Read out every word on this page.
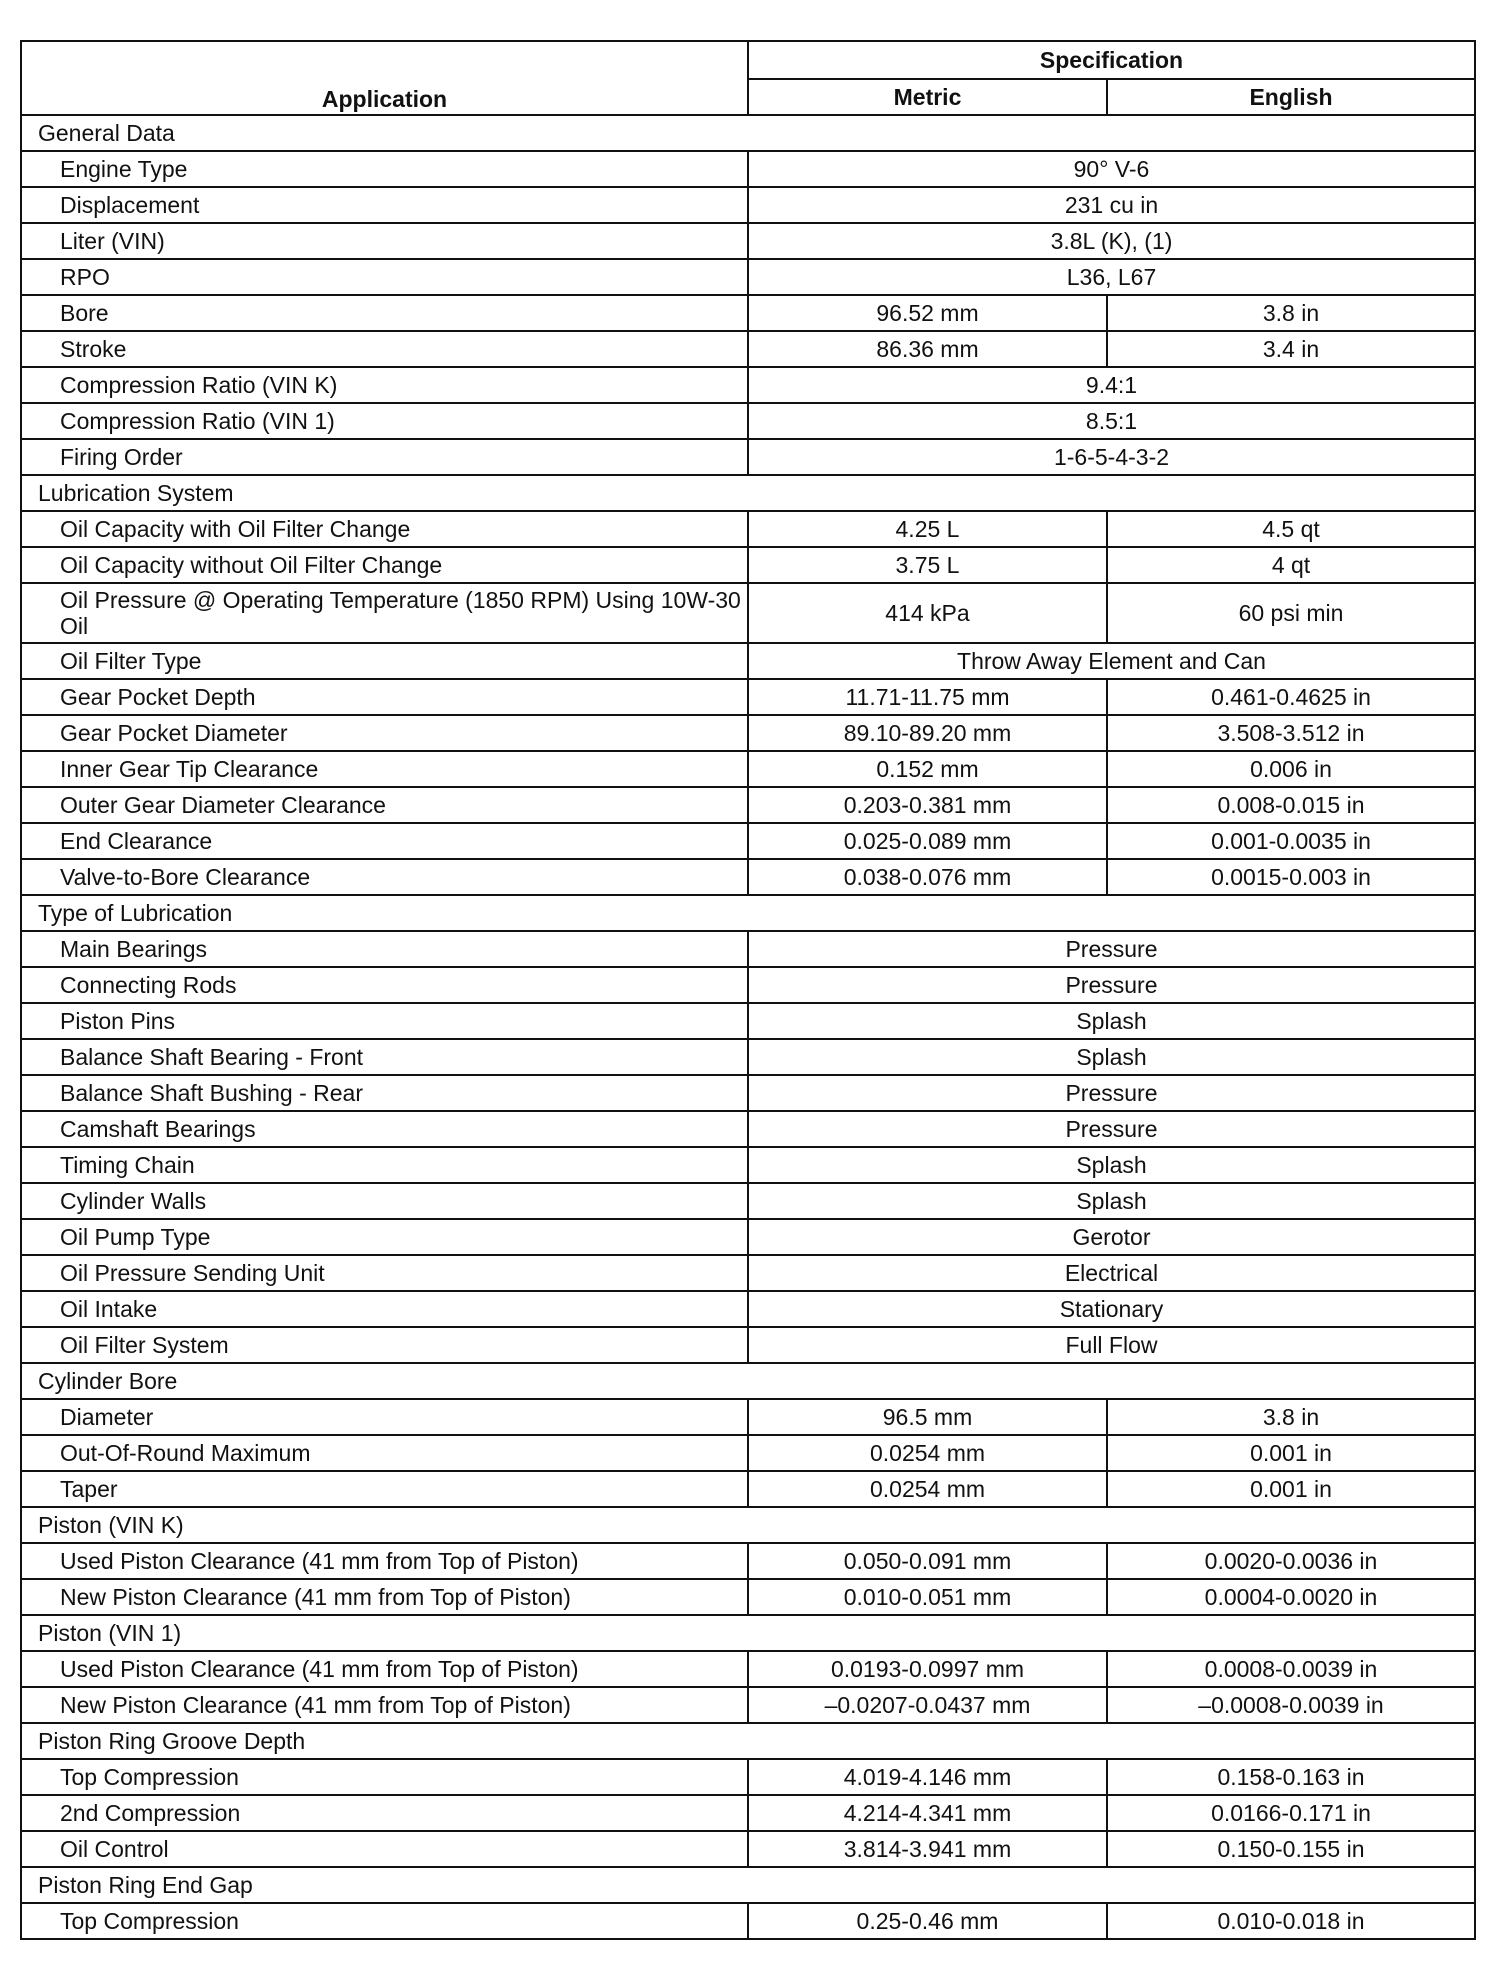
Application	Specification	
	Metric	English
General Data		
Engine Type	90° V-6	
Displacement	231 cu in	
Liter (VIN)	3.8L (K), (1)	
RPO	L36, L67	
Bore	96.52 mm	3.8 in
Stroke	86.36 mm	3.4 in
Compression Ratio (VIN K)	9.4:1	
Compression Ratio (VIN 1)	8.5:1	
Firing Order	1-6-5-4-3-2	
Lubrication System		
Oil Capacity with Oil Filter Change	4.25 L	4.5 qt
Oil Capacity without Oil Filter Change	3.75 L	4 qt
Oil Pressure @ Operating Temperature (1850 RPM) Using 10W-30 Oil	414 kPa	60 psi min
Oil Filter Type	Throw Away Element and Can	
Gear Pocket Depth	11.71-11.75 mm	0.461-0.4625 in
Gear Pocket Diameter	89.10-89.20 mm	3.508-3.512 in
Inner Gear Tip Clearance	0.152 mm	0.006 in
Outer Gear Diameter Clearance	0.203-0.381 mm	0.008-0.015 in
End Clearance	0.025-0.089 mm	0.001-0.0035 in
Valve-to-Bore Clearance	0.038-0.076 mm	0.0015-0.003 in
Type of Lubrication		
Main Bearings	Pressure	
Connecting Rods	Pressure	
Piston Pins	Splash	
Balance Shaft Bearing - Front	Splash	
Balance Shaft Bushing - Rear	Pressure	
Camshaft Bearings	Pressure	
Timing Chain	Splash	
Cylinder Walls	Splash	
Oil Pump Type	Gerotor	
Oil Pressure Sending Unit	Electrical	
Oil Intake	Stationary	
Oil Filter System	Full Flow	
Cylinder Bore		
Diameter	96.5 mm	3.8 in
Out-Of-Round Maximum	0.0254 mm	0.001 in
Taper	0.0254 mm	0.001 in
Piston (VIN K)		
Used Piston Clearance (41 mm from Top of Piston)	0.050-0.091 mm	0.0020-0.0036 in
New Piston Clearance (41 mm from Top of Piston)	0.010-0.051 mm	0.0004-0.0020 in
Piston (VIN 1)		
Used Piston Clearance (41 mm from Top of Piston)	0.0193-0.0997 mm	0.0008-0.0039 in
New Piston Clearance (41 mm from Top of Piston)	–0.0207-0.0437 mm	–0.0008-0.0039 in
Piston Ring Groove Depth		
Top Compression	4.019-4.146 mm	0.158-0.163 in
2nd Compression	4.214-4.341 mm	0.0166-0.171 in
Oil Control	3.814-3.941 mm	0.150-0.155 in
Piston Ring End Gap		
Top Compression	0.25-0.46 mm	0.010-0.018 in
